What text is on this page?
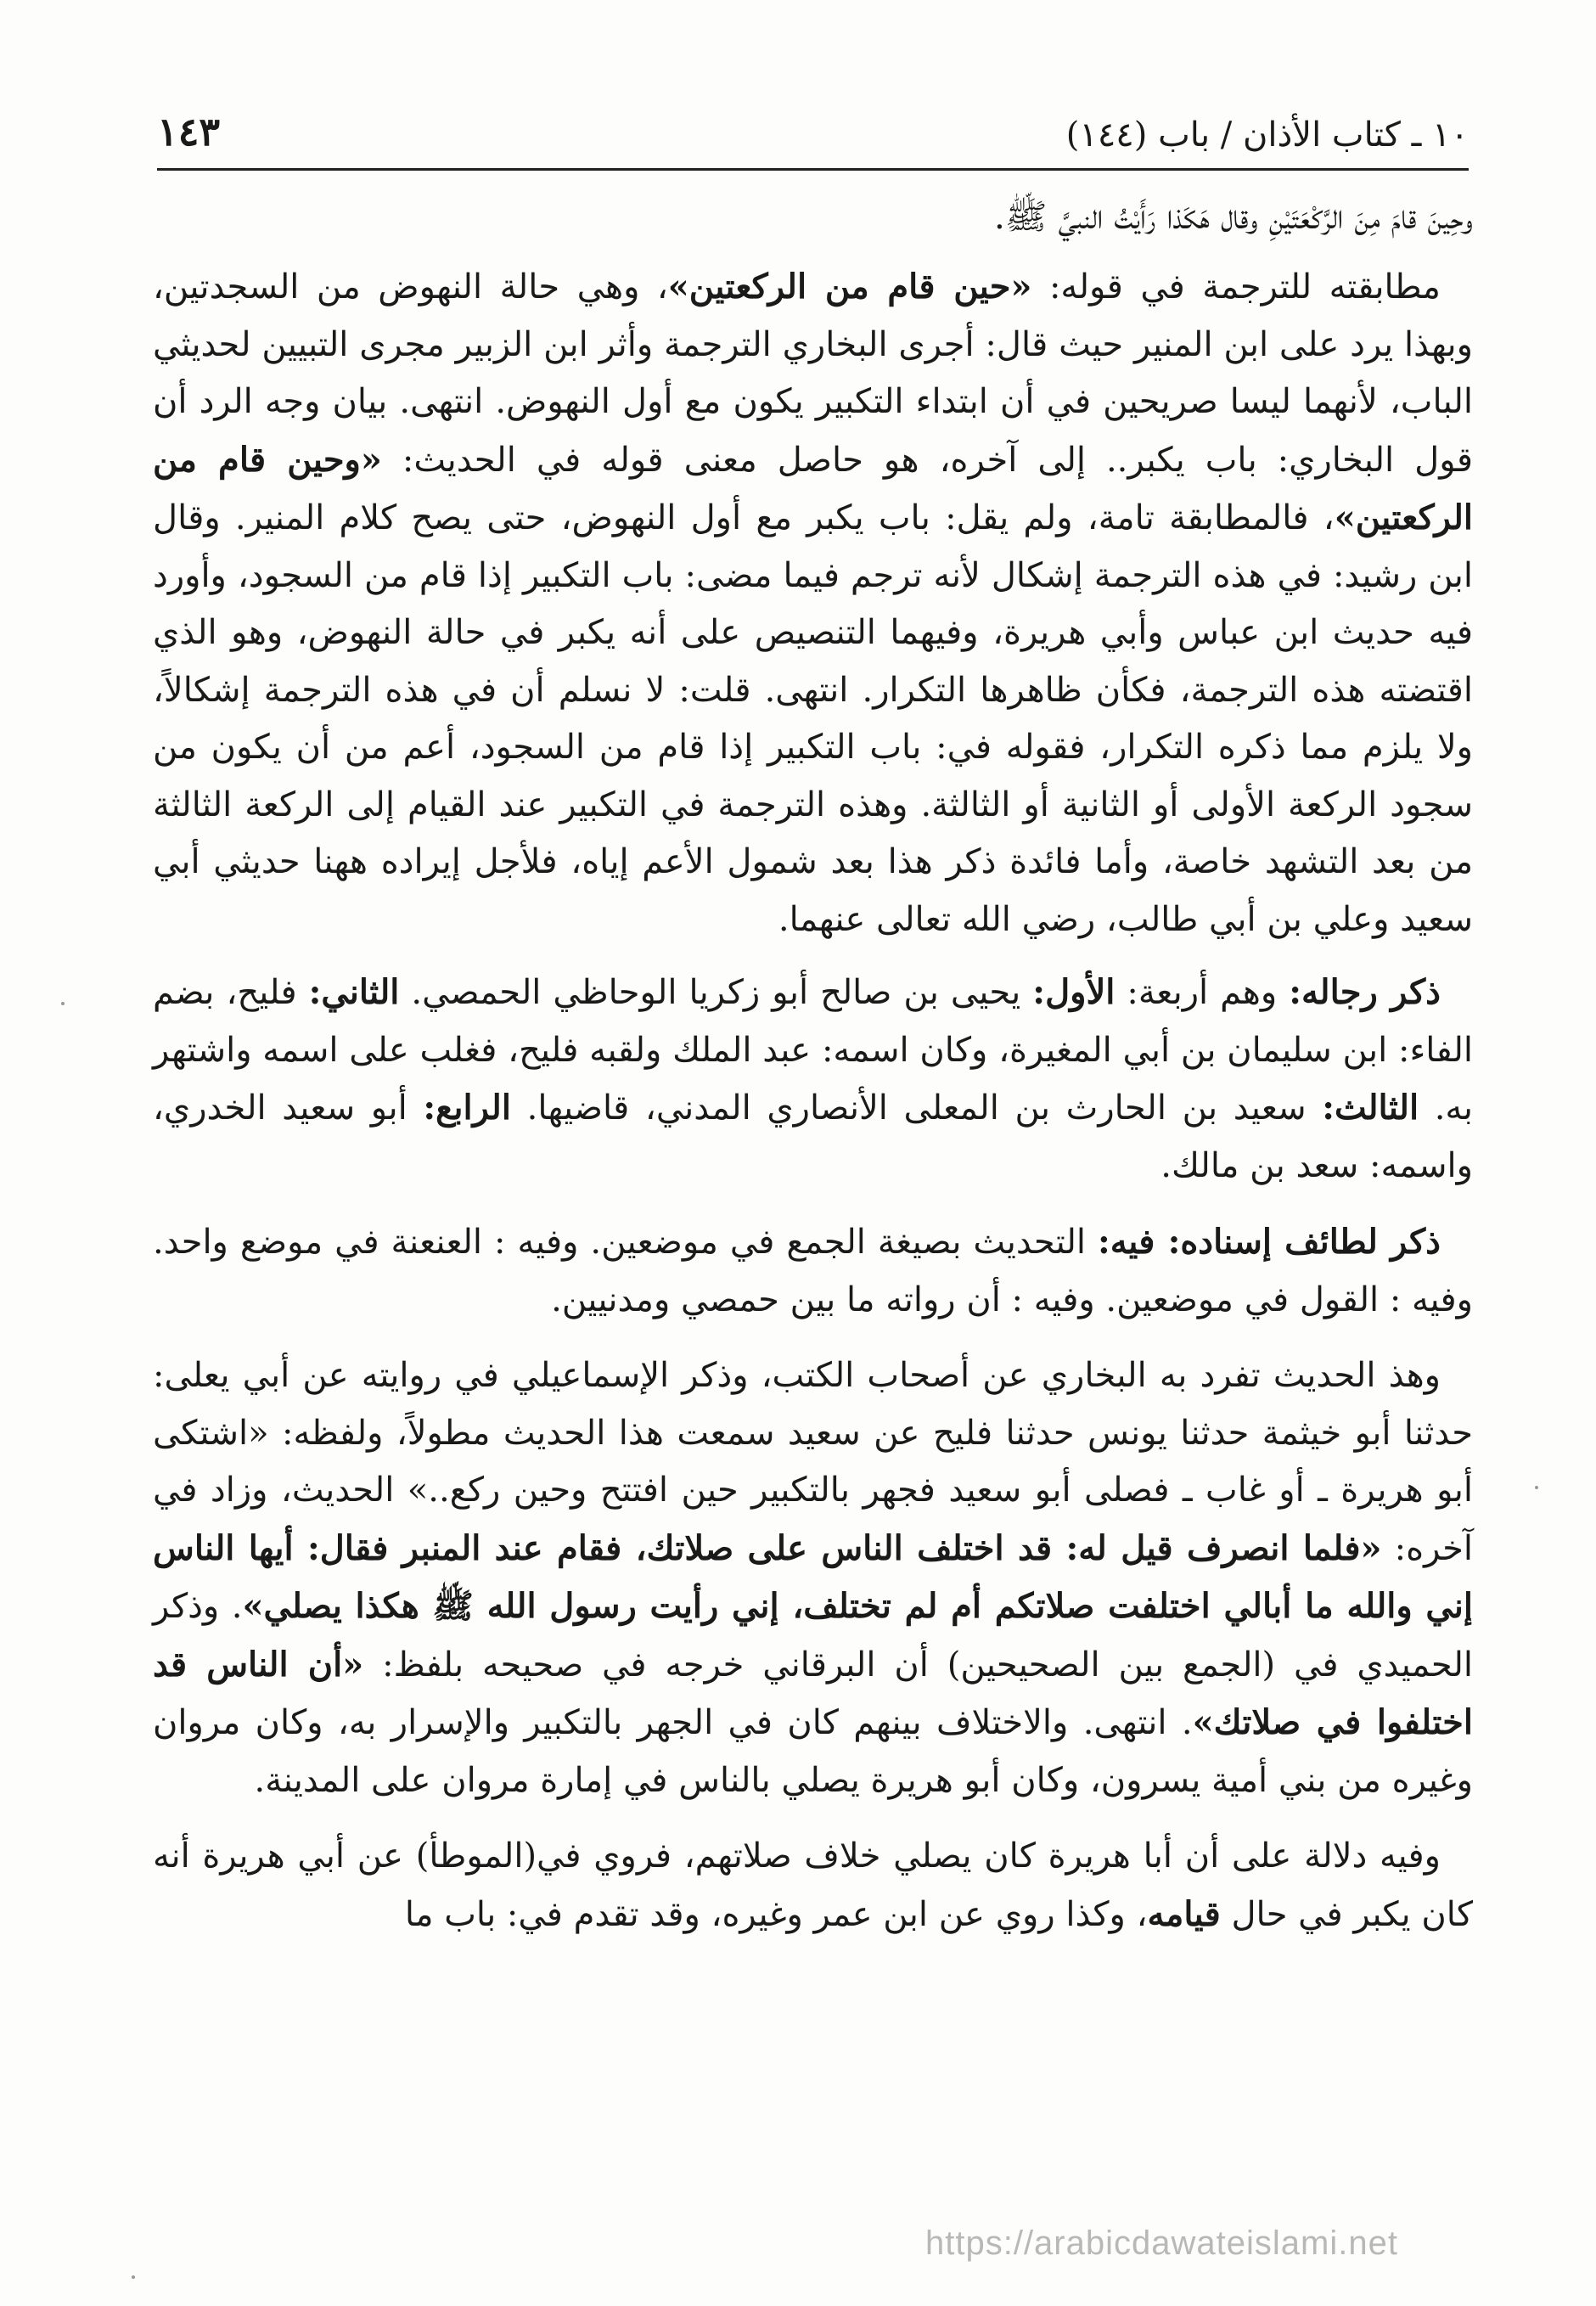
١٠ ـ كتاب الأذان / باب (١٤٤)
١٤٣

وحِينَ قامَ مِنَ الرَّكْعَتَيْنِ وقال هَكَذا رَأَيْتُ النبيَّ ﷺ.

مطابقته للترجمة في قوله: «حين قام من الركعتين»، وهي حالة النهوض من السجدتين، وبهذا يرد على ابن المنير حيث قال: أجرى البخاري الترجمة وأثر ابن الزبير مجرى التبيين لحديثي الباب، لأنهما ليسا صريحين في أن ابتداء التكبير يكون مع أول النهوض. انتهى. بيان وجه الرد أن قول البخاري: باب يكبر.. إلى آخره، هو حاصل معنى قوله في الحديث: «وحين قام من الركعتين»، فالمطابقة تامة، ولم يقل: باب يكبر مع أول النهوض، حتى يصح كلام المنير. وقال ابن رشيد: في هذه الترجمة إشكال لأنه ترجم فيما مضى: باب التكبير إذا قام من السجود، وأورد فيه حديث ابن عباس وأبي هريرة، وفيهما التنصيص على أنه يكبر في حالة النهوض، وهو الذي اقتضته هذه الترجمة، فكأن ظاهرها التكرار. انتهى. قلت: لا نسلم أن في هذه الترجمة إشكالاً، ولا يلزم مما ذكره التكرار، فقوله في: باب التكبير إذا قام من السجود، أعم من أن يكون من سجود الركعة الأولى أو الثانية أو الثالثة. وهذه الترجمة في التكبير عند القيام إلى الركعة الثالثة من بعد التشهد خاصة، وأما فائدة ذكر هذا بعد شمول الأعم إياه، فلأجل إيراده ههنا حديثي أبي سعيد وعلي بن أبي طالب، رضي الله تعالى عنهما.

ذكر رجاله: وهم أربعة: الأول: يحيى بن صالح أبو زكريا الوحاظي الحمصي. الثاني: فليح، بضم الفاء: ابن سليمان بن أبي المغيرة، وكان اسمه: عبد الملك ولقبه فليح، فغلب على اسمه واشتهر به. الثالث: سعيد بن الحارث بن المعلى الأنصاري المدني، قاضيها. الرابع: أبو سعيد الخدري، واسمه: سعد بن مالك.

ذكر لطائف إسناده: فيه: التحديث بصيغة الجمع في موضعين. وفيه : العنعنة في موضع واحد. وفيه : القول في موضعين. وفيه : أن رواته ما بين حمصي ومدنيين.

وهذ الحديث تفرد به البخاري عن أصحاب الكتب، وذكر الإسماعيلي في روايته عن أبي يعلى: حدثنا أبو خيثمة حدثنا يونس حدثنا فليح عن سعيد سمعت هذا الحديث مطولاً، ولفظه: «اشتكى أبو هريرة ـ أو غاب ـ فصلى أبو سعيد فجهر بالتكبير حين افتتح وحين ركع..» الحديث، وزاد في آخره: «فلما انصرف قيل له: قد اختلف الناس على صلاتك، فقام عند المنبر فقال: أيها الناس إني والله ما أبالي اختلفت صلاتكم أم لم تختلف، إني رأيت رسول الله ﷺ هكذا يصلي». وذكر الحميدي في (الجمع بين الصحيحين) أن البرقاني خرجه في صحيحه بلفظ: «أن الناس قد اختلفوا في صلاتك». انتهى. والاختلاف بينهم كان في الجهر بالتكبير والإسرار به، وكان مروان وغيره من بني أمية يسرون، وكان أبو هريرة يصلي بالناس في إمارة مروان على المدينة.

وفيه دلالة على أن أبا هريرة كان يصلي خلاف صلاتهم، فروي في(الموطأ) عن أبي هريرة أنه كان يكبر في حال قيامه، وكذا روي عن ابن عمر وغيره، وقد تقدم في: باب ما

https://arabicdawateislami.net
